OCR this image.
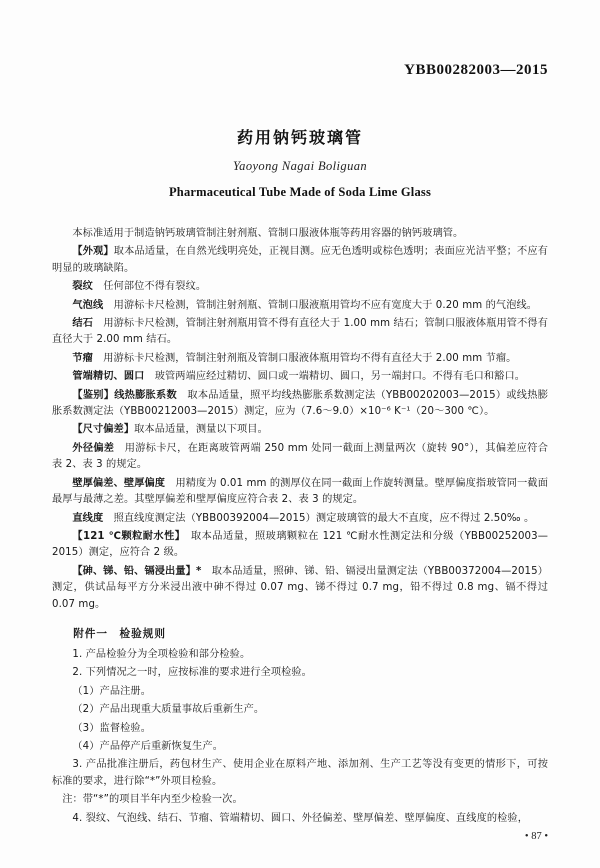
YBB00282003—2015
药用钠钙玻璃管
Yaoyong Nagai Boliguan
Pharmaceutical Tube Made of Soda Lime Glass

本标准适用于制造钠钙玻璃管制注射剂瓶、管制口服液体瓶等药用容器的钠钙玻璃管。

【外观】取本品适量，在自然光线明亮处，正视目测。应无色透明或棕色透明；表面应光洁平整；不应有明显的玻璃缺陷。

裂纹　 任何部位不得有裂纹。

气泡线　 用游标卡尺检测，管制注射剂瓶、管制口服液瓶用管均不应有宽度大于 0.20 mm 的气泡线。

结石　 用游标卡尺检测，管制注射剂瓶用管不得有直径大于 1.00 mm 结石；管制口服液体瓶用管不得有直径大于 2.00 mm 结石。

节瘤　 用游标卡尺检测，管制注射剂瓶及管制口服液体瓶用管均不得有直径大于 2.00 mm 节瘤。

管端精切、圆口　 玻管两端应经过精切、圆口或一端精切、圆口，另一端封口。不得有毛口和豁口。

【鉴别】线热膨胀系数　 取本品适量，照平均线热膨胀系数测定法（YBB00202003—2015）或线热膨胀系数测定法（YBB00212003—2015）测定，应为（7.6～9.0）×10⁻⁶ K⁻¹（20～300 ℃）。

【尺寸偏差】取本品适量，测量以下项目。

外径偏差　 用游标卡尺，在距离玻管两端 250 mm 处同一截面上测量两次（旋转 90°），其偏差应符合表 2、表 3 的规定。

壁厚偏差、壁厚偏度　 用精度为 0.01 mm 的测厚仪在同一截面上作旋转测量。壁厚偏度指玻管同一截面最厚与最薄之差。其壁厚偏差和壁厚偏度应符合表 2、表 3 的规定。

直线度　 照直线度测定法（YBB00392004—2015）测定玻璃管的最大不直度，应不得过 2.50‰ 。

【121 ℃颗粒耐水性】　 取本品适量，照玻璃颗粒在 121 ℃耐水性测定法和分级（YBB00252003—2015）测定，应符合 2 级。

【砷、锑、铅、镉浸出量】*　 取本品适量，照砷、锑、铅、镉浸出量测定法（YBB00372004—2015）测定，供试品每平方分米浸出液中砷不得过 0.07 mg、锑不得过 0.7 mg，铅不得过 0.8 mg、镉不得过 0.07 mg。

附件一　检验规则

1. 产品检验分为全项检验和部分检验。

2. 下列情况之一时，应按标准的要求进行全项检验。

（1）产品注册。

（2）产品出现重大质量事故后重新生产。

（3）监督检验。

（4）产品停产后重新恢复生产。

3. 产品批准注册后，药包材生产、使用企业在原料产地、添加剂、生产工艺等没有变更的情形下，可按标准的要求，进行除“*”外项目检验。

注：带“*”的项目半年内至少检验一次。

4. 裂纹、气泡线、结石、节瘤、管端精切、圆口、外径偏差、壁厚偏差、壁厚偏度、直线度的检验，

• 87 •
